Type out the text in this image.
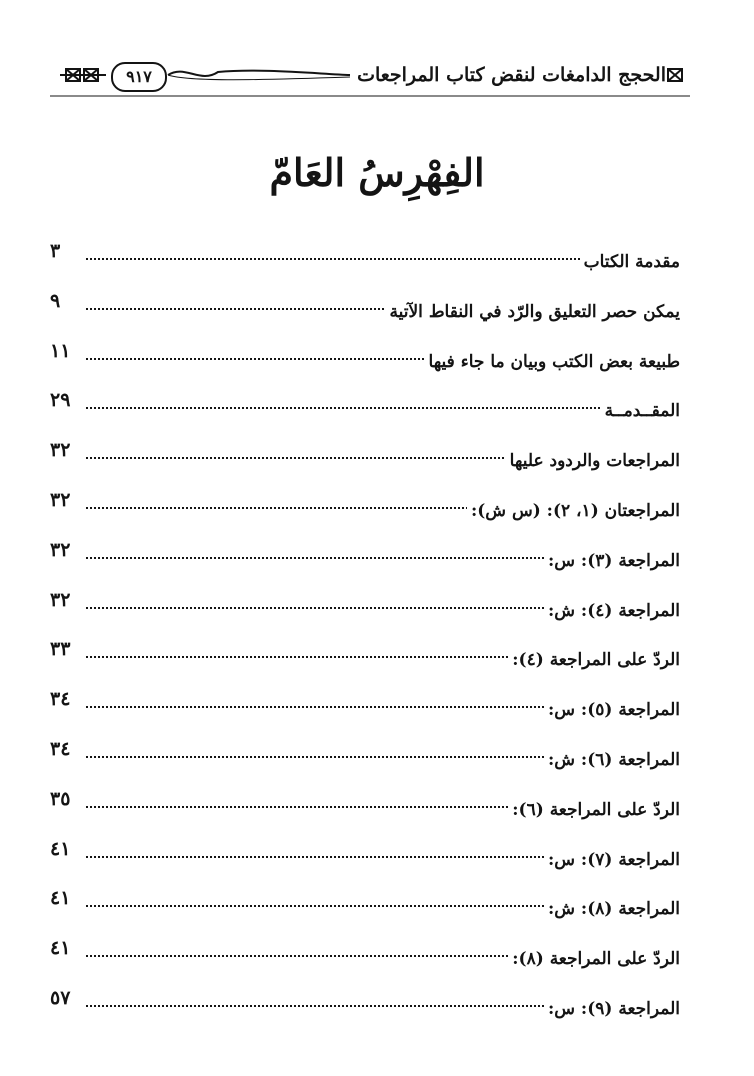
٩١٧	الحجج الدامغات لنقض كتاب المراجعات
الفِهْرِسُ العَامّ
٣	مقدمة الكتاب
٩	يمكن حصر التعليق والرّد في النقاط الآتية
١١	طبيعة بعض الكتب وبيان ما جاء فيها
٢٩	المقــدمــة
٣٢	المراجعات والردود عليها
٣٢	المراجعتان (١، ٢): (س ش):
٣٢	المراجعة (٣): س:
٣٢	المراجعة (٤): ش:
٣٣	الردّ على المراجعة (٤):
٣٤	المراجعة (٥): س:
٣٤	المراجعة (٦): ش:
٣٥	الردّ على المراجعة (٦):
٤١	المراجعة (٧): س:
٤١	المراجعة (٨): ش:
٤١	الردّ على المراجعة (٨):
٥٧	المراجعة (٩): س:
